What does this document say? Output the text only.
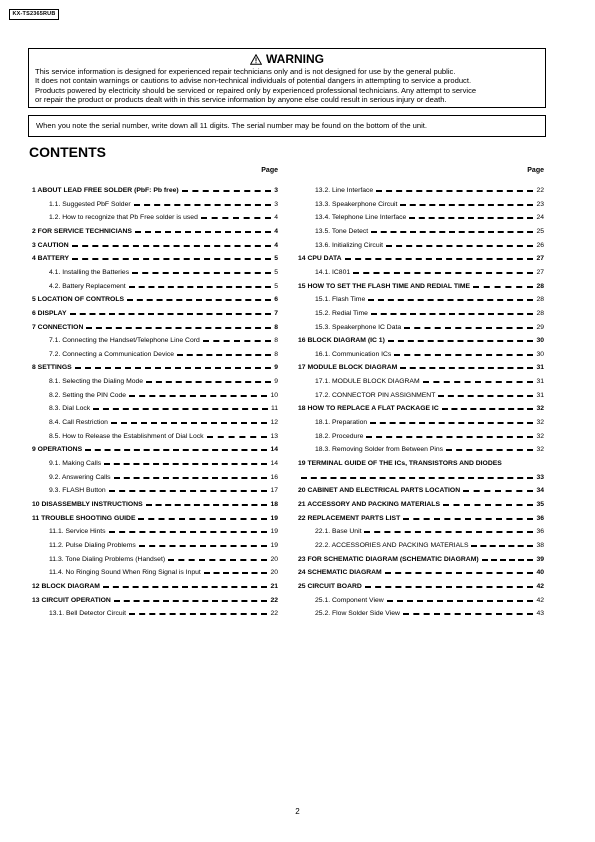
KX-TS2365RUB
WARNING
This service information is designed for experienced repair technicians only and is not designed for use by the general public.
It does not contain warnings or cautions to advise non-technical individuals of potential dangers in attempting to service a product.
Products powered by electricity should be serviced or repaired only by experienced professional technicians. Any attempt to service
or repair the product or products dealt with in this service information by anyone else could result in serious injury or death.
When you note the serial number, write down all 11 digits. The serial number may be found on the bottom of the unit.
CONTENTS
Page
1 ABOUT LEAD FREE SOLDER (PbF: Pb free)	3
1.1. Suggested PbF Solder	3
1.2. How to recognize that Pb Free solder is used	4
2 FOR SERVICE TECHNICIANS	4
3 CAUTION	4
4 BATTERY	5
4.1. Installing the Batteries	5
4.2. Battery Replacement	5
5 LOCATION OF CONTROLS	6
6 DISPLAY	7
7 CONNECTION	8
7.1. Connecting the Handset/Telephone Line Cord	8
7.2. Connecting a Communication Device	8
8 SETTINGS	9
8.1. Selecting the Dialing Mode	9
8.2. Setting the PIN Code	10
8.3. Dial Lock	11
8.4. Call Restriction	12
8.5. How to Release the Establishment of Dial Lock	13
9 OPERATIONS	14
9.1. Making Calls	14
9.2. Answering Calls	16
9.3. FLASH Button	17
10 DISASSEMBLY INSTRUCTIONS	18
11 TROUBLE SHOOTING GUIDE	19
11.1. Service Hints	19
11.2. Pulse Dialing Problems	19
11.3. Tone Dialing Problems (Handset)	20
11.4. No Ringing Sound When Ring Signal is Input	20
12 BLOCK DIAGRAM	21
13 CIRCUIT OPERATION	22
13.1. Bell Detector Circuit	22
Page
13.2. Line Interface	22
13.3. Speakerphone Circuit	23
13.4. Telephone Line Interface	24
13.5. Tone Detect	25
13.6. Initializing Circuit	26
14 CPU DATA	27
14.1. IC801	27
15 HOW TO SET THE FLASH TIME AND REDIAL TIME	28
15.1. Flash Time	28
15.2. Redial Time	28
15.3. Speakerphone IC Data	29
16 BLOCK DIAGRAM (IC 1)	30
16.1. Communication ICs	30
17 MODULE BLOCK DIAGRAM	31
17.1. MODULE BLOCK DIAGRAM	31
17.2. CONNECTOR PIN ASSIGNMENT	31
18 HOW TO REPLACE A FLAT PACKAGE IC	32
18.1. Preparation	32
18.2. Procedure	32
18.3. Removing Solder from Between Pins	32
19 TERMINAL GUIDE OF THE ICs, TRANSISTORS AND DIODES
33
20 CABINET AND ELECTRICAL PARTS LOCATION	34
21 ACCESSORY AND PACKING MATERIALS	35
22 REPLACEMENT PARTS LIST	36
22.1. Base Unit	36
22.2. ACCESSORIES AND PACKING MATERIALS	38
23 FOR SCHEMATIC DIAGRAM (SCHEMATIC DIAGRAM)	39
24 SCHEMATIC DIAGRAM	40
25 CIRCUIT BOARD	42
25.1. Component View	42
25.2. Flow Solder Side View	43
2
